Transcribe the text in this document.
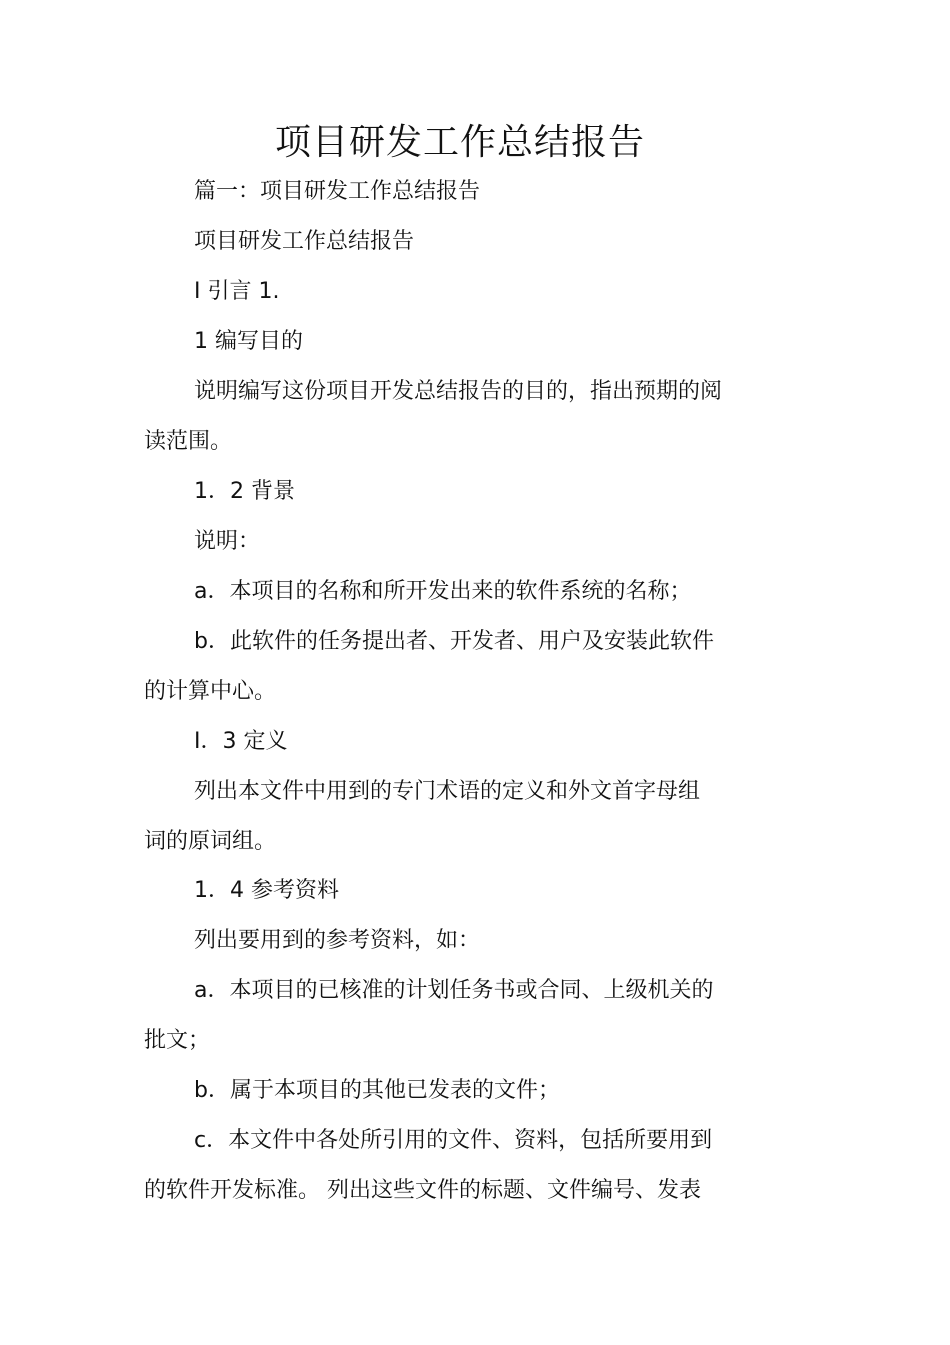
项目研发工作总结报告
篇一：项目研发工作总结报告
项目研发工作总结报告
I 引言 1.
1 编写目的
说明编写这份项目开发总结报告的目的，指出预期的阅
读范围。
1．2 背景
说明：
a．本项目的名称和所开发出来的软件系统的名称；
b．此软件的任务提出者、开发者、用户及安装此软件
的计算中心。
I．3 定义
列出本文件中用到的专门术语的定义和外文首字母组
词的原词组。
1．4 参考资料
列出要用到的参考资料，如：
a．本项目的已核准的计划任务书或合同、上级机关的
批文；
b．属于本项目的其他已发表的文件；
c．本文件中各处所引用的文件、资料，包括所要用到
的软件开发标准。 列出这些文件的标题、文件编号、发表
